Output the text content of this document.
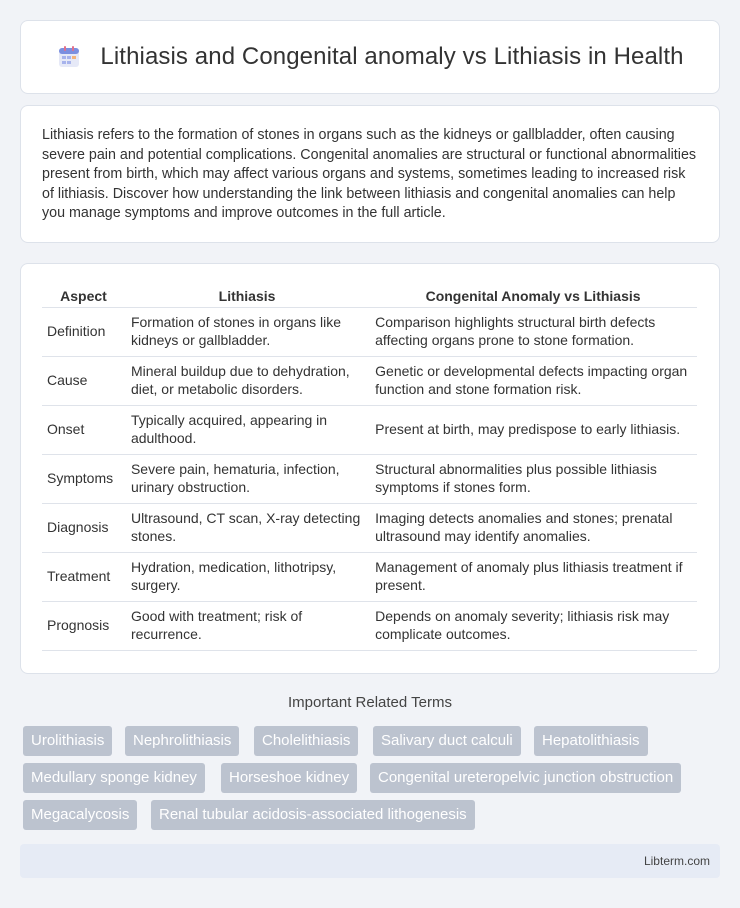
Lithiasis and Congenital anomaly vs Lithiasis in Health

Lithiasis refers to the formation of stones in organs such as the kidneys or gallbladder, often causing severe pain and potential complications. Congenital anomalies are structural or functional abnormalities present from birth, which may affect various organs and systems, sometimes leading to increased risk of lithiasis. Discover how understanding the link between lithiasis and congenital anomalies can help you manage symptoms and improve outcomes in the full article.

Aspect	Lithiasis	Congenital Anomaly vs Lithiasis
Definition	Formation of stones in organs like kidneys or gallbladder.	Comparison highlights structural birth defects affecting organs prone to stone formation.
Cause	Mineral buildup due to dehydration, diet, or metabolic disorders.	Genetic or developmental defects impacting organ function and stone formation risk.
Onset	Typically acquired, appearing in adulthood.	Present at birth, may predispose to early lithiasis.
Symptoms	Severe pain, hematuria, infection, urinary obstruction.	Structural abnormalities plus possible lithiasis symptoms if stones form.
Diagnosis	Ultrasound, CT scan, X-ray detecting stones.	Imaging detects anomalies and stones; prenatal ultrasound may identify anomalies.
Treatment	Hydration, medication, lithotripsy, surgery.	Management of anomaly plus lithiasis treatment if present.
Prognosis	Good with treatment; risk of recurrence.	Depends on anomaly severity; lithiasis risk may complicate outcomes.
Important Related Terms
Urolithiasis	Nephrolithiasis	Cholelithiasis	Salivary duct calculi	Hepatolithiasis
Medullary sponge kidney	Horseshoe kidney	Congenital ureteropelvic junction obstruction
Megacalycosis	Renal tubular acidosis-associated lithogenesis
Libterm.com
